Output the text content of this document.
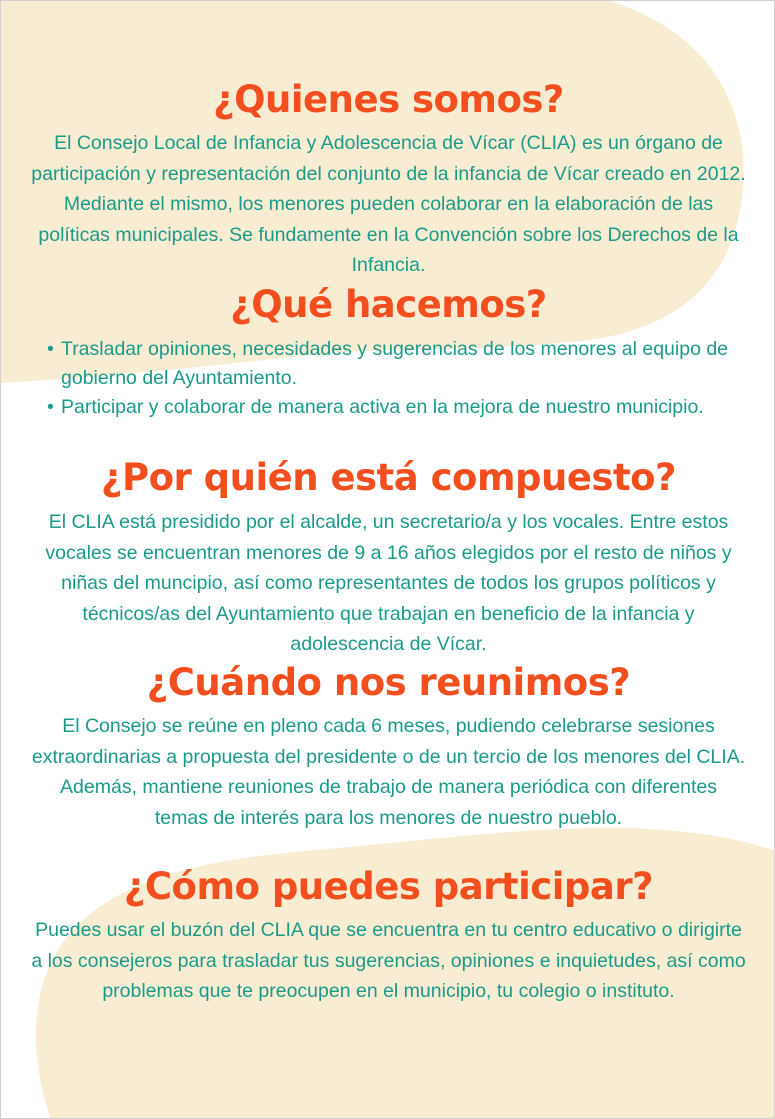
¿Quienes somos?

El Consejo Local de Infancia y Adolescencia de Vícar (CLIA) es un órgano de participación y representación del conjunto de la infancia de Vícar creado en 2012. Mediante el mismo, los menores pueden colaborar en la elaboración de las políticas municipales. Se fundamente en la Convención sobre los Derechos de la Infancia.

¿Qué hacemos?
• Trasladar opiniones, necesidades y sugerencias de los menores al equipo de gobierno del Ayuntamiento.
• Participar y colaborar de manera activa en la mejora de nuestro municipio.
¿Por quién está compuesto?

El CLIA está presidido por el alcalde, un secretario/a y los vocales. Entre estos vocales se encuentran menores de 9 a 16 años elegidos por el resto de niños y niñas del muncipio, así como representantes de todos los grupos políticos y técnicos/as del Ayuntamiento que trabajan en beneficio de la infancia y adolescencia de Vícar.

¿Cuándo nos reunimos?

El Consejo se reúne en pleno cada 6 meses, pudiendo celebrarse sesiones extraordinarias a propuesta del presidente o de un tercio de los menores del CLIA. Además, mantiene reuniones de trabajo de manera periódica con diferentes temas de interés para los menores de nuestro pueblo.

¿Cómo puedes participar?

Puedes usar el buzón del CLIA que se encuentra en tu centro educativo o dirigirte a los consejeros para trasladar tus sugerencias, opiniones e inquietudes, así como problemas que te preocupen en el municipio, tu colegio o instituto.
